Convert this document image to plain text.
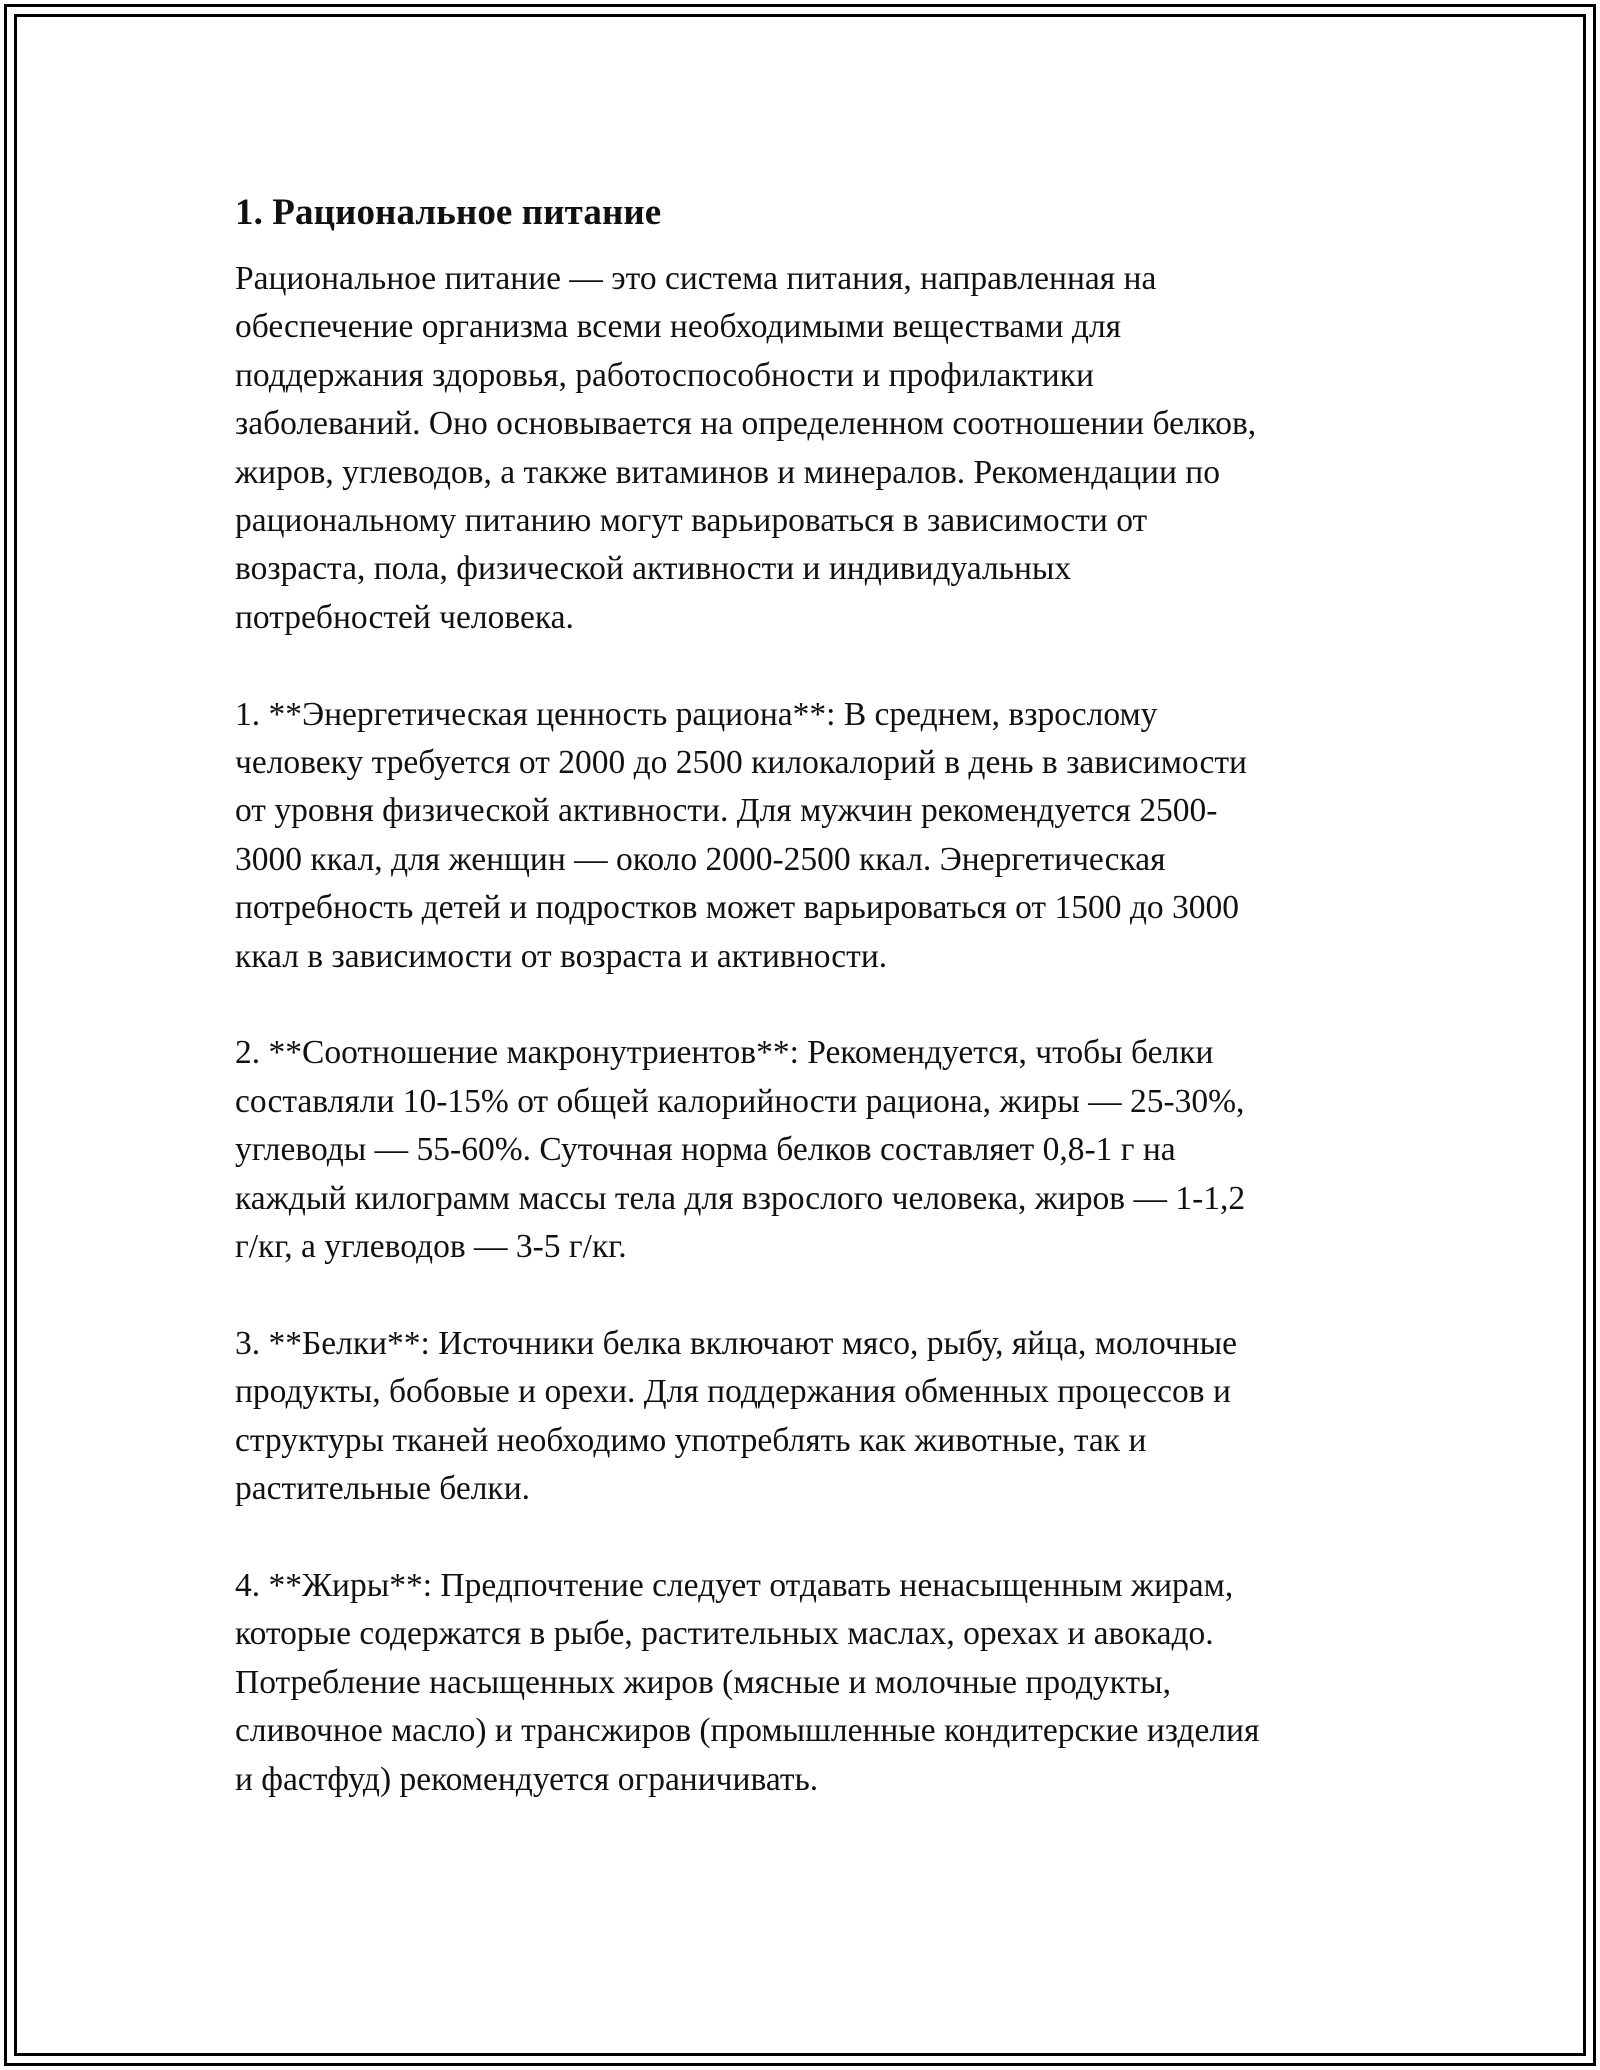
1. Рациональное питание

Рациональное питание — это система питания, направленная на
обеспечение организма всеми необходимыми веществами для
поддержания здоровья, работоспособности и профилактики
заболеваний. Оно основывается на определенном соотношении белков,
жиров, углеводов, а также витаминов и минералов. Рекомендации по
рациональному питанию могут варьироваться в зависимости от
возраста, пола, физической активности и индивидуальных
потребностей человека.

1. **Энергетическая ценность рациона**: В среднем, взрослому
человеку требуется от 2000 до 2500 килокалорий в день в зависимости
от уровня физической активности. Для мужчин рекомендуется 2500-
3000 ккал, для женщин — около 2000-2500 ккал. Энергетическая
потребность детей и подростков может варьироваться от 1500 до 3000
ккал в зависимости от возраста и активности.

2. **Соотношение макронутриентов**: Рекомендуется, чтобы белки
составляли 10-15% от общей калорийности рациона, жиры — 25-30%,
углеводы — 55-60%. Суточная норма белков составляет 0,8-1 г на
каждый килограмм массы тела для взрослого человека, жиров — 1-1,2
г/кг, а углеводов — 3-5 г/кг.

3. **Белки**: Источники белка включают мясо, рыбу, яйца, молочные
продукты, бобовые и орехи. Для поддержания обменных процессов и
структуры тканей необходимо употреблять как животные, так и
растительные белки.

4. **Жиры**: Предпочтение следует отдавать ненасыщенным жирам,
которые содержатся в рыбе, растительных маслах, орехах и авокадо.
Потребление насыщенных жиров (мясные и молочные продукты,
сливочное масло) и трансжиров (промышленные кондитерские изделия
и фастфуд) рекомендуется ограничивать.
